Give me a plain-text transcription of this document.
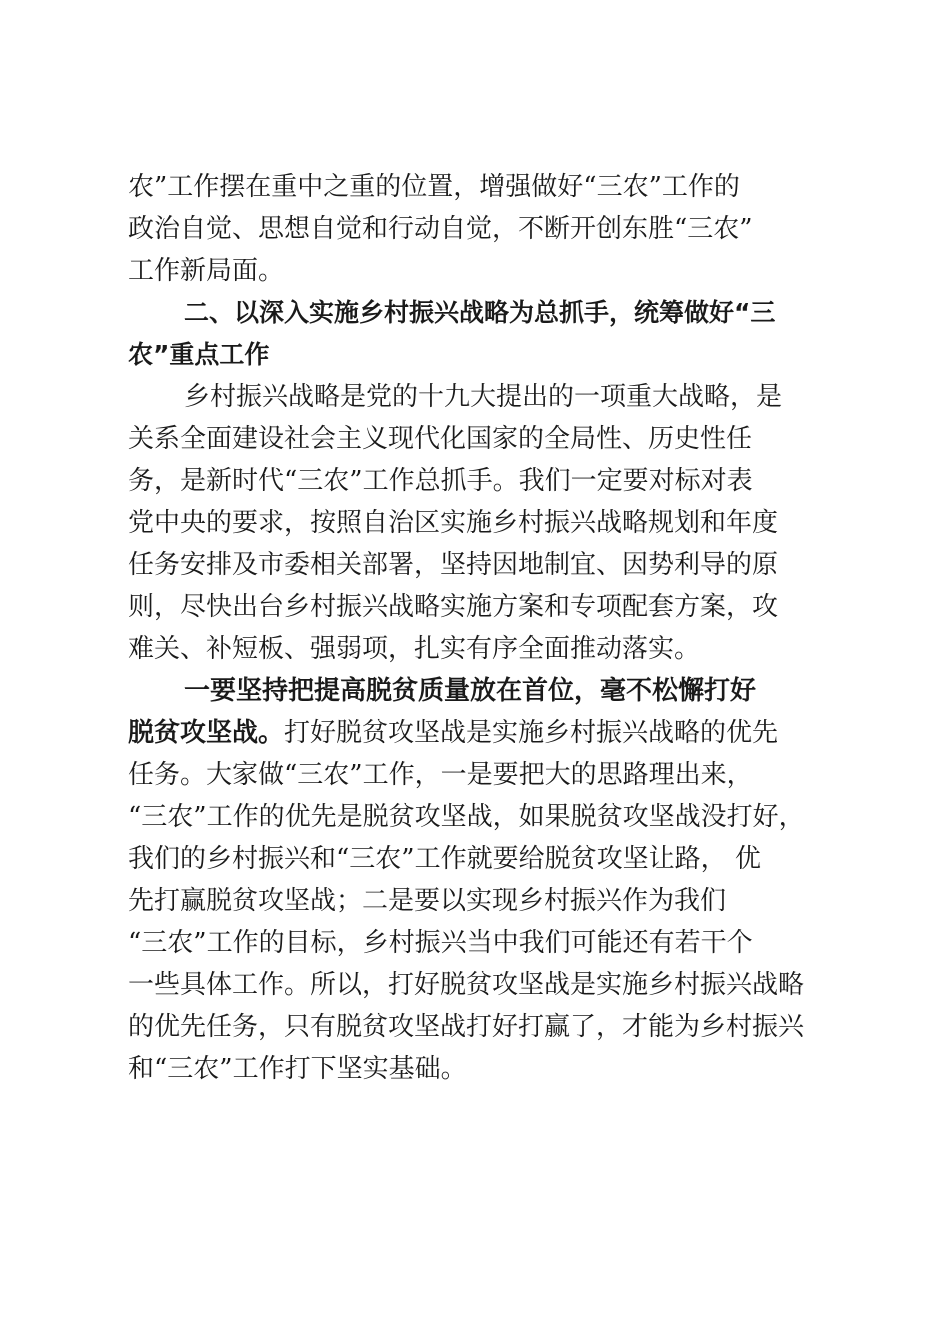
农”工作摆在重中之重的位置，增强做好“三农”工作的
政治自觉、思想自觉和行动自觉，不断开创东胜“三农”
工作新局面。
二、以深入实施乡村振兴战略为总抓手，统筹做好“三
农”重点工作
乡村振兴战略是党的十九大提出的一项重大战略，是
关系全面建设社会主义现代化国家的全局性、历史性任
务，是新时代“三农”工作总抓手。我们一定要对标对表
党中央的要求，按照自治区实施乡村振兴战略规划和年度
任务安排及市委相关部署，坚持因地制宜、因势利导的原
则，尽快出台乡村振兴战略实施方案和专项配套方案，攻
难关、补短板、强弱项，扎实有序全面推动落实。
一要坚持把提高脱贫质量放在首位，毫不松懈打好
脱贫攻坚战。打好脱贫攻坚战是实施乡村振兴战略的优先
任务。大家做“三农”工作，一是要把大的思路理出来，
“三农”工作的优先是脱贫攻坚战，如果脱贫攻坚战没打好，
我们的乡村振兴和“三农”工作就要给脱贫攻坚让路， 优
先打赢脱贫攻坚战；二是要以实现乡村振兴作为我们
“三农”工作的目标，乡村振兴当中我们可能还有若干个
一些具体工作。所以，打好脱贫攻坚战是实施乡村振兴战略
的优先任务，只有脱贫攻坚战打好打赢了，才能为乡村振兴
和“三农”工作打下坚实基础。
